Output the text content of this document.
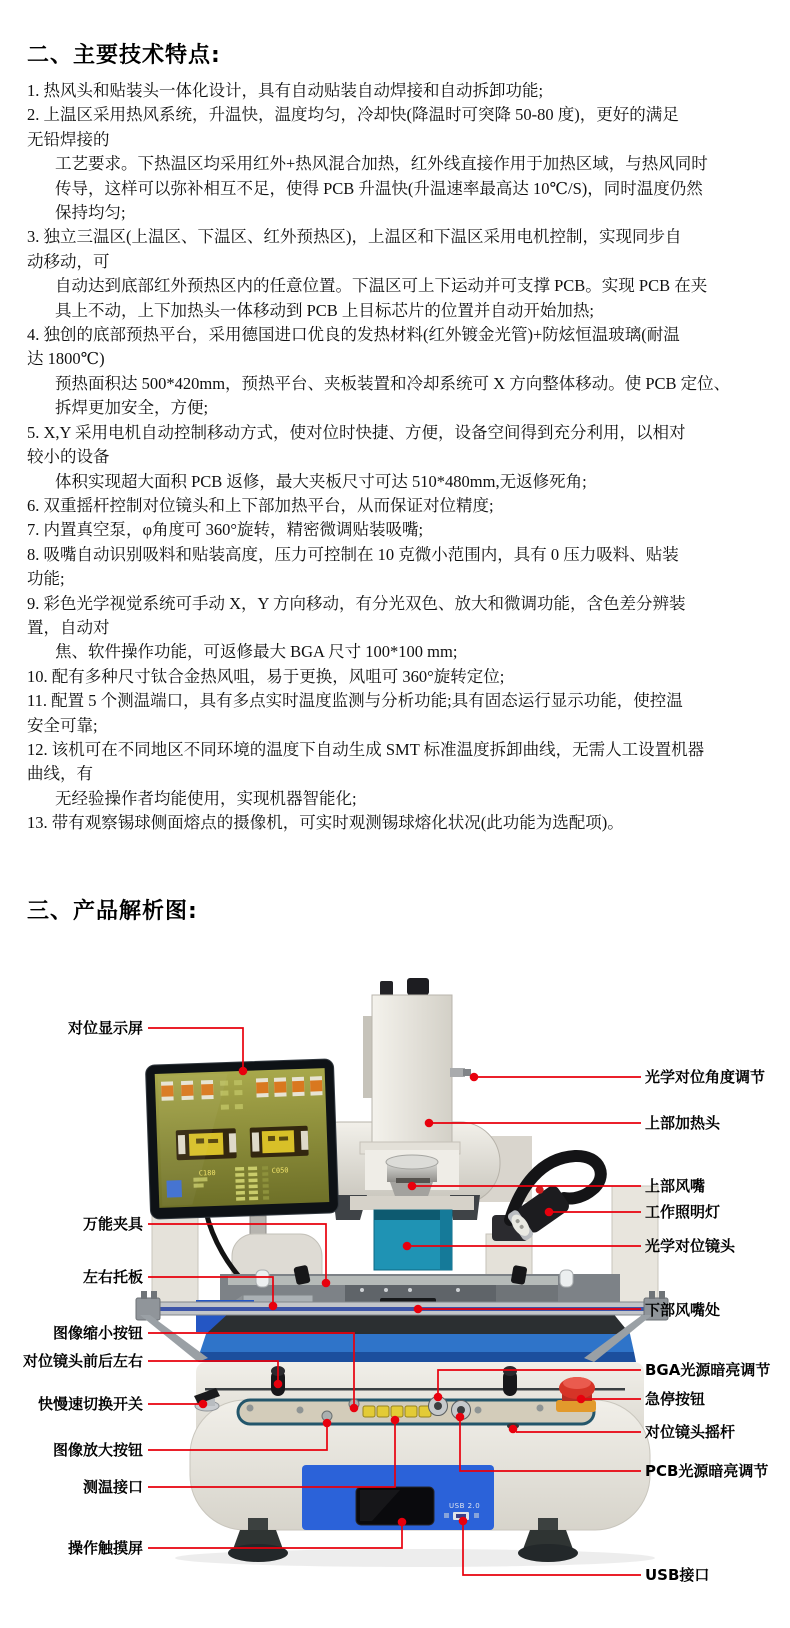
二、主要技术特点:
1. 热风头和贴装头一体化设计，具有自动贴装自动焊接和自动拆卸功能;
2. 上温区采用热风系统，升温快，温度均匀，冷却快(降温时可突降 50-80 度)，更好的满足
无铅焊接的
工艺要求。下热温区均采用红外+热风混合加热，红外线直接作用于加热区域，与热风同时
传导，这样可以弥补相互不足，使得 PCB 升温快(升温速率最高达 10℃/S)，同时温度仍然
保持均匀;
3. 独立三温区(上温区、下温区、红外预热区)，上温区和下温区采用电机控制，实现同步自
动移动，可
自动达到底部红外预热区内的任意位置。下温区可上下运动并可支撑 PCB。实现 PCB 在夹
具上不动，上下加热头一体移动到 PCB 上目标芯片的位置并自动开始加热;
4. 独创的底部预热平台，采用德国进口优良的发热材料(红外镀金光管)+防炫恒温玻璃(耐温
达 1800℃)
预热面积达 500*420mm，预热平台、夹板装置和冷却系统可 X 方向整体移动。使 PCB 定位、
拆焊更加安全，方便;
5. X,Y 采用电机自动控制移动方式，使对位时快捷、方便，设备空间得到充分利用，以相对
较小的设备
体积实现超大面积 PCB 返修，最大夹板尺寸可达 510*480mm,无返修死角;
6. 双重摇杆控制对位镜头和上下部加热平台，从而保证对位精度;
7. 内置真空泵，φ角度可 360°旋转，精密微调贴装吸嘴;
8. 吸嘴自动识别吸料和贴装高度，压力可控制在 10 克微小范围内，具有 0 压力吸料、贴装
功能;
9. 彩色光学视觉系统可手动 X，Y 方向移动，有分光双色、放大和微调功能，含色差分辨装
置，自动对
焦、软件操作功能，可返修最大 BGA 尺寸 100*100 mm;
10. 配有多种尺寸钛合金热风咀，易于更换，风咀可 360°旋转定位;
11. 配置 5 个测温端口，具有多点实时温度监测与分析功能;具有固态运行显示功能，使控温
安全可靠;
12. 该机可在不同地区不同环境的温度下自动生成 SMT 标准温度拆卸曲线，无需人工设置机器
曲线，有
无经验操作者均能使用，实现机器智能化;
13. 带有观察锡球侧面熔点的摄像机，可实时观测锡球熔化状况(此功能为选配项)。
三、产品解析图:
C180	C050
USB 2.0
对位显示屏
万能夹具
左右托板
图像缩小按钮
对位镜头前后左右
快慢速切换开关
图像放大按钮
测温接口
操作触摸屏
光学对位角度调节
上部加热头
上部风嘴
工作照明灯
光学对位镜头
下部风嘴处
BGA光源暗亮调节
急停按钮
对位镜头摇杆
PCB光源暗亮调节
USB接口
